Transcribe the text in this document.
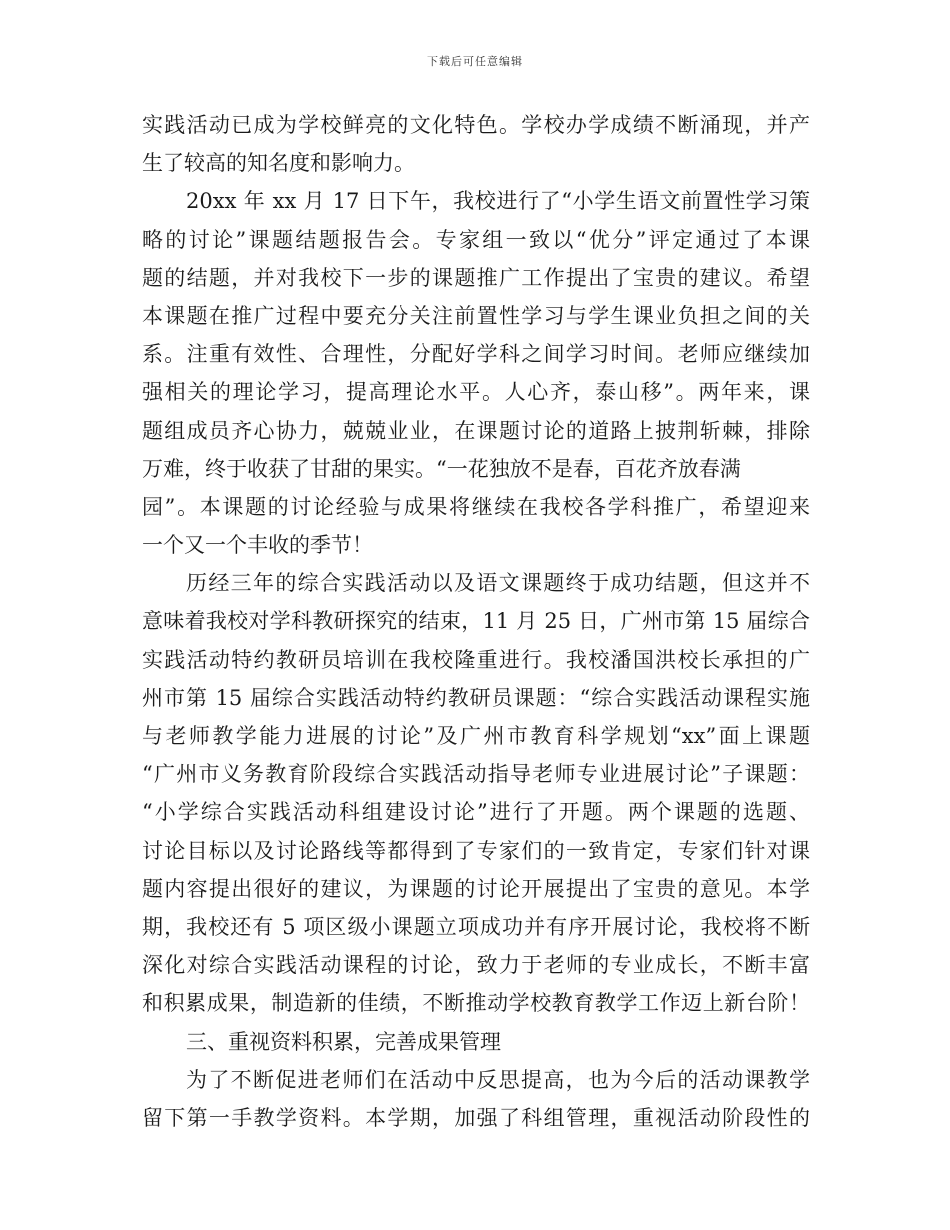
下载后可任意编辑
实践活动已成为学校鲜亮的文化特色。学校办学成绩不断涌现，并产
生了较高的知名度和影响力。
20xx 年 xx 月 17 日下午，我校进行了“小学生语文前置性学习策
略的讨论”课题结题报告会。专家组一致以“优分”评定通过了本课
题的结题，并对我校下一步的课题推广工作提出了宝贵的建议。希望
本课题在推广过程中要充分关注前置性学习与学生课业负担之间的关
系。注重有效性、合理性，分配好学科之间学习时间。老师应继续加
强相关的理论学习，提高理论水平。人心齐，泰山移”。两年来，课
题组成员齐心协力，兢兢业业，在课题讨论的道路上披荆斩棘，排除
万难，终于收获了甘甜的果实。“一花独放不是春，百花齐放春满
园”。本课题的讨论经验与成果将继续在我校各学科推广，希望迎来
一个又一个丰收的季节！
历经三年的综合实践活动以及语文课题终于成功结题，但这并不
意味着我校对学科教研探究的结束，11 月 25 日，广州市第 15 届综合
实践活动特约教研员培训在我校隆重进行。我校潘国洪校长承担的广
州市第 15 届综合实践活动特约教研员课题：“综合实践活动课程实施
与老师教学能力进展的讨论”及广州市教育科学规划“xx”面上课题
“广州市义务教育阶段综合实践活动指导老师专业进展讨论”子课题：
“小学综合实践活动科组建设讨论”进行了开题。两个课题的选题、
讨论目标以及讨论路线等都得到了专家们的一致肯定，专家们针对课
题内容提出很好的建议，为课题的讨论开展提出了宝贵的意见。本学
期，我校还有 5 项区级小课题立项成功并有序开展讨论，我校将不断
深化对综合实践活动课程的讨论，致力于老师的专业成长，不断丰富
和积累成果，制造新的佳绩，不断推动学校教育教学工作迈上新台阶！
三、重视资料积累，完善成果管理
为了不断促进老师们在活动中反思提高，也为今后的活动课教学
留下第一手教学资料。本学期，加强了科组管理，重视活动阶段性的
